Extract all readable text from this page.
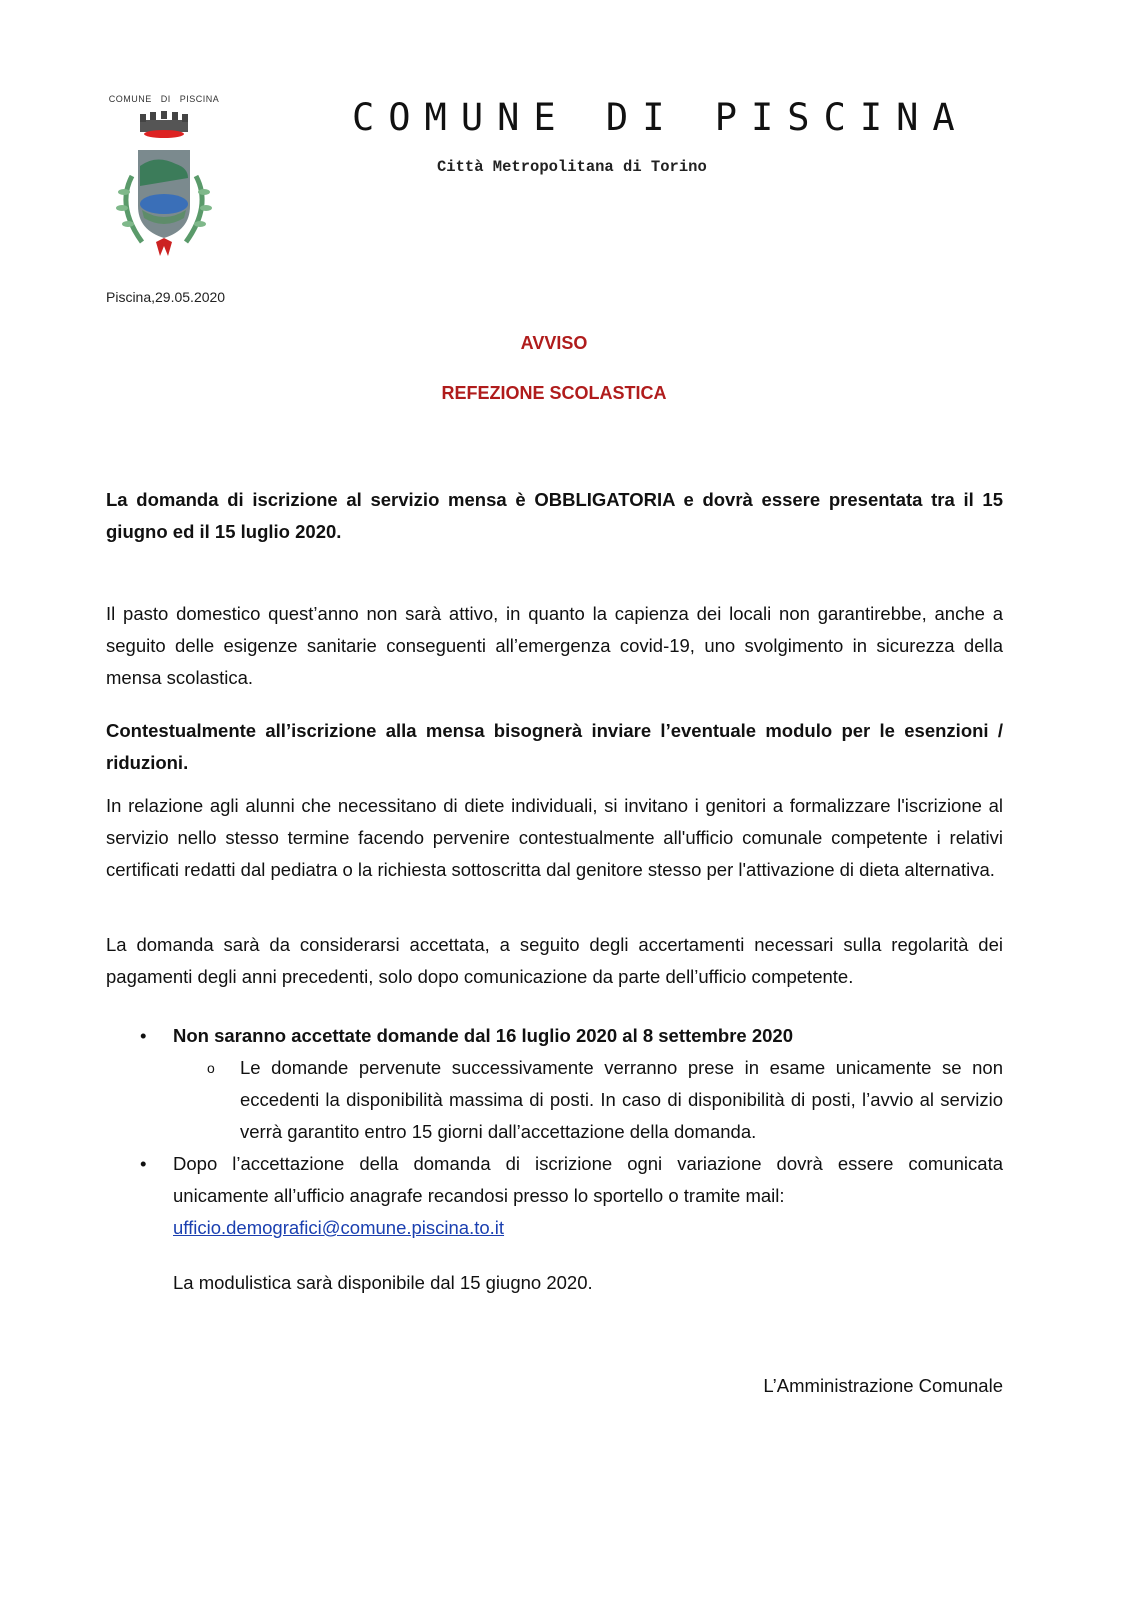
COMUNE DI PISCINA	COMUNE DI PISCINA
Città Metropolitana di Torino
Piscina,29.05.2020
AVVISO
REFEZIONE SCOLASTICA
La domanda di iscrizione al servizio mensa è OBBLIGATORIA e dovrà essere presentata tra il 15 giugno ed il 15 luglio 2020.
Il pasto domestico quest’anno non sarà attivo, in quanto la capienza dei locali non garantirebbe, anche a seguito delle esigenze sanitarie conseguenti all’emergenza covid-19, uno svolgimento in sicurezza della mensa scolastica.
Contestualmente all’iscrizione alla mensa bisognerà inviare l’eventuale modulo per le esenzioni / riduzioni.
In relazione agli alunni che necessitano di diete individuali, si invitano i genitori a formalizzare l'iscrizione al servizio nello stesso termine facendo pervenire contestualmente all'ufficio comunale competente i relativi certificati redatti dal pediatra o la richiesta sottoscritta dal genitore stesso per l'attivazione di dieta alternativa.
La domanda sarà da considerarsi accettata, a seguito degli accertamenti necessari sulla regolarità dei pagamenti degli anni precedenti, solo dopo comunicazione da parte dell’ufficio competente.
• Non saranno accettate domande dal 16 luglio 2020 al 8 settembre 2020
o Le domande pervenute successivamente verranno prese in esame unicamente se non eccedenti la disponibilità massima di posti. In caso di disponibilità di posti, l’avvio al servizio verrà garantito entro 15 giorni dall’accettazione della domanda.
• Dopo l’accettazione della domanda di iscrizione ogni variazione dovrà essere comunicata unicamente all’ufficio anagrafe recandosi presso lo sportello o tramite mail:
ufficio.demografici@comune.piscina.to.it
La modulistica sarà disponibile dal 15 giugno 2020.
L’Amministrazione Comunale
